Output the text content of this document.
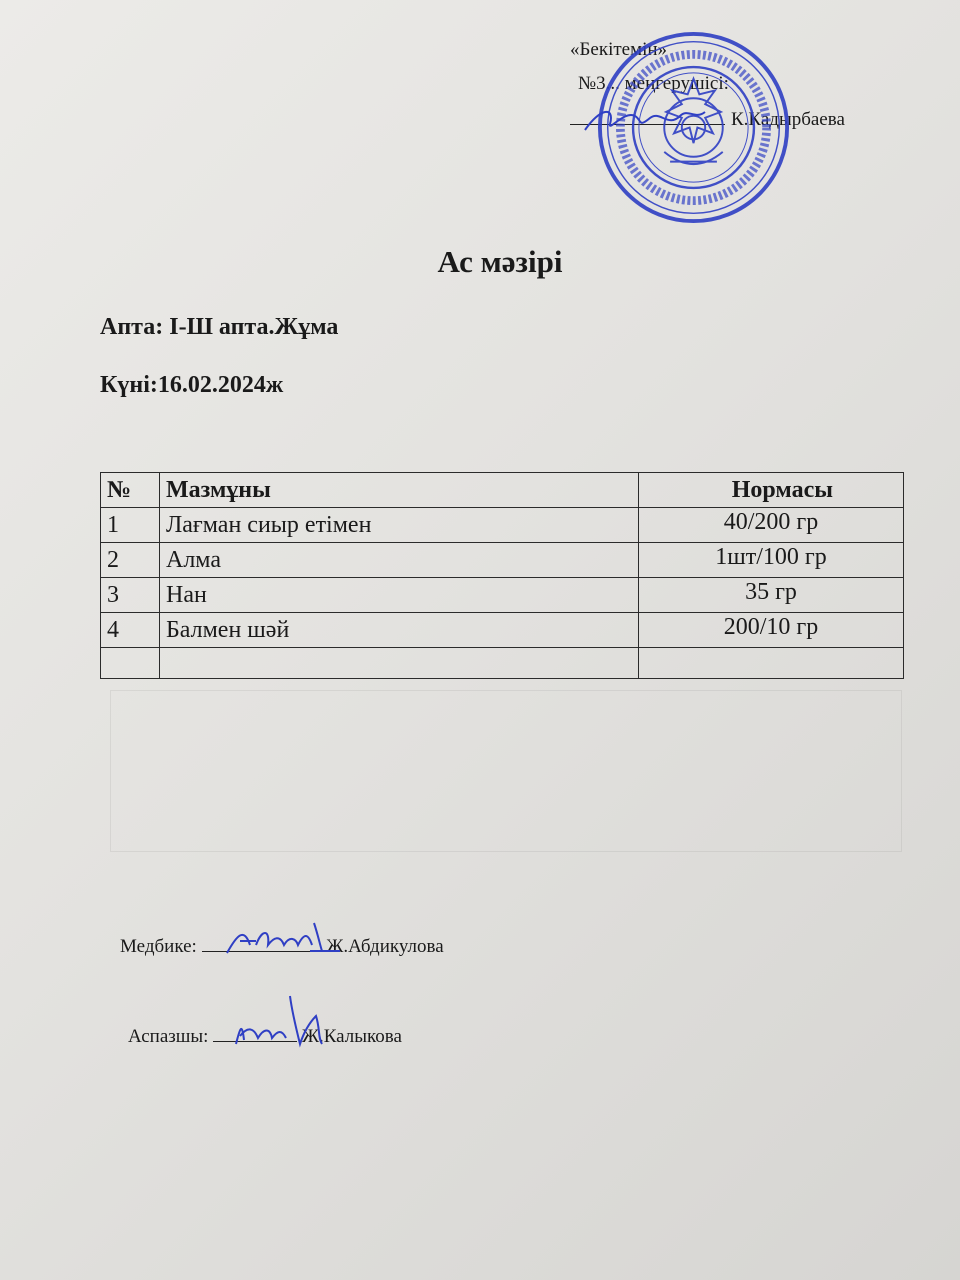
«Бекітемін»
№3... меңгерушісі:
К.Кадырбаева
Ас мәзірі
Апта: I-Ш апта.Жұма
Күні:16.02.2024ж
№	Мазмұны	Нормасы
1	Лағман сиыр етімен	40/200 гр
2	Алма	1шт/100 гр
3	Нан	35 гр
4	Балмен шәй	200/10 гр

Медбике:	Ж.Абдикулова
Аспазшы:	Ж.Калыкова
